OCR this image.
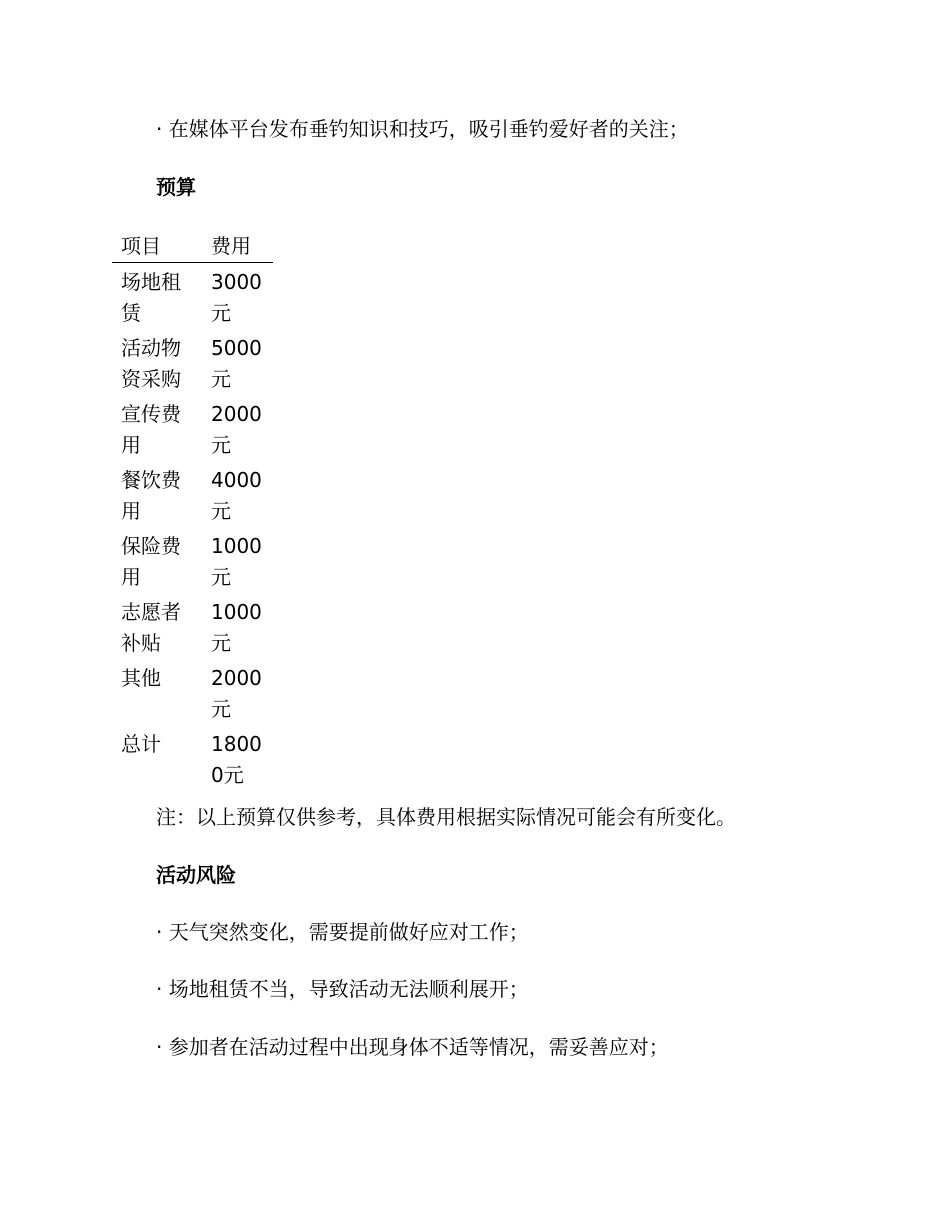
· 在媒体平台发布垂钓知识和技巧，吸引垂钓爱好者的关注；
预算
项目	费用

场地租赁	3000元

活动物资采购	5000元

宣传费用	2000元

餐饮费用	4000元

保险费用	1000元

志愿者补贴	1000元

其他	2000元

总计	18000元
注：以上预算仅供参考，具体费用根据实际情况可能会有所变化。
活动风险
· 天气突然变化，需要提前做好应对工作；
· 场地租赁不当，导致活动无法顺利展开；
· 参加者在活动过程中出现身体不适等情况，需妥善应对；
